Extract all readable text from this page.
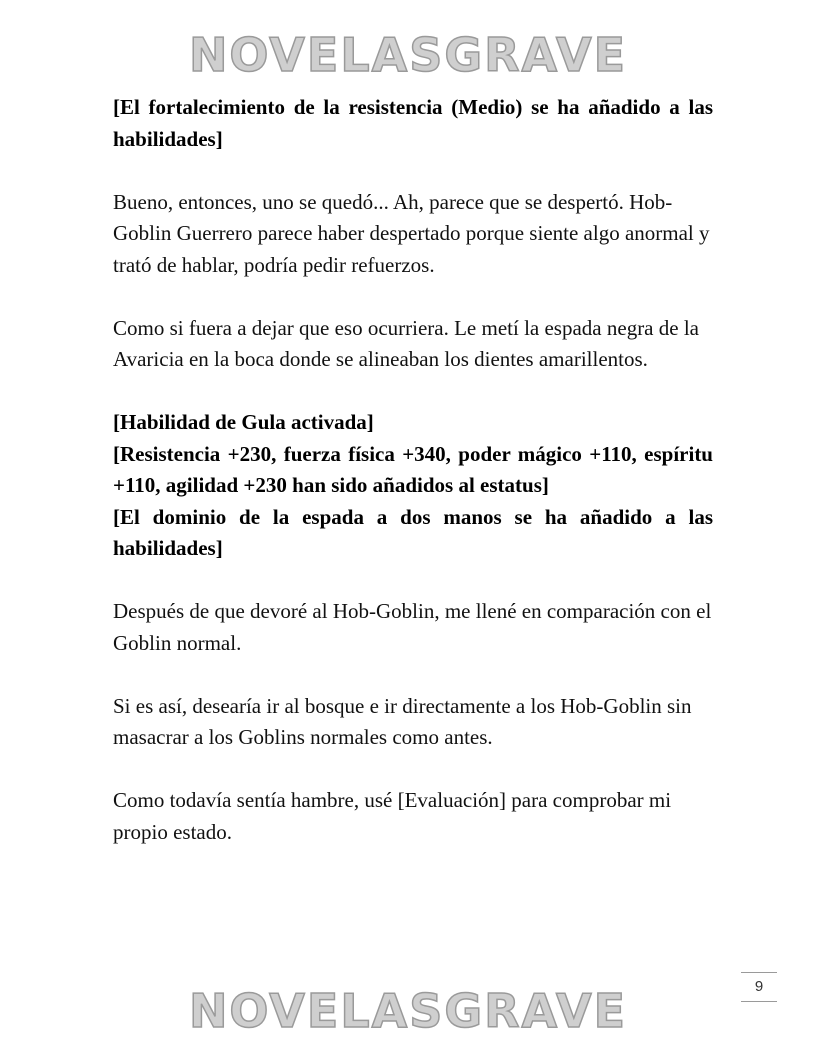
NOVELASGRAVE

[El fortalecimiento de la resistencia (Medio) se ha añadido a las habilidades]

Bueno, entonces, uno se quedó... Ah, parece que se despertó. Hob-Goblin Guerrero parece haber despertado porque siente algo anormal y trató de hablar, podría pedir refuerzos.

Como si fuera a dejar que eso ocurriera. Le metí la espada negra de la Avaricia en la boca donde se alineaban los dientes amarillentos.

[Habilidad de Gula activada]

[Resistencia +230, fuerza física +340, poder mágico +110, espíritu +110, agilidad +230 han sido añadidos al estatus]

[El dominio de la espada a dos manos se ha añadido a las habilidades]

Después de que devoré al Hob-Goblin, me llené en comparación con el Goblin normal.

Si es así, desearía ir al bosque e ir directamente a los Hob-Goblin sin masacrar a los Goblins normales como antes.

Como todavía sentía hambre, usé [Evaluación] para comprobar mi propio estado.

9
NOVELASGRAVE
